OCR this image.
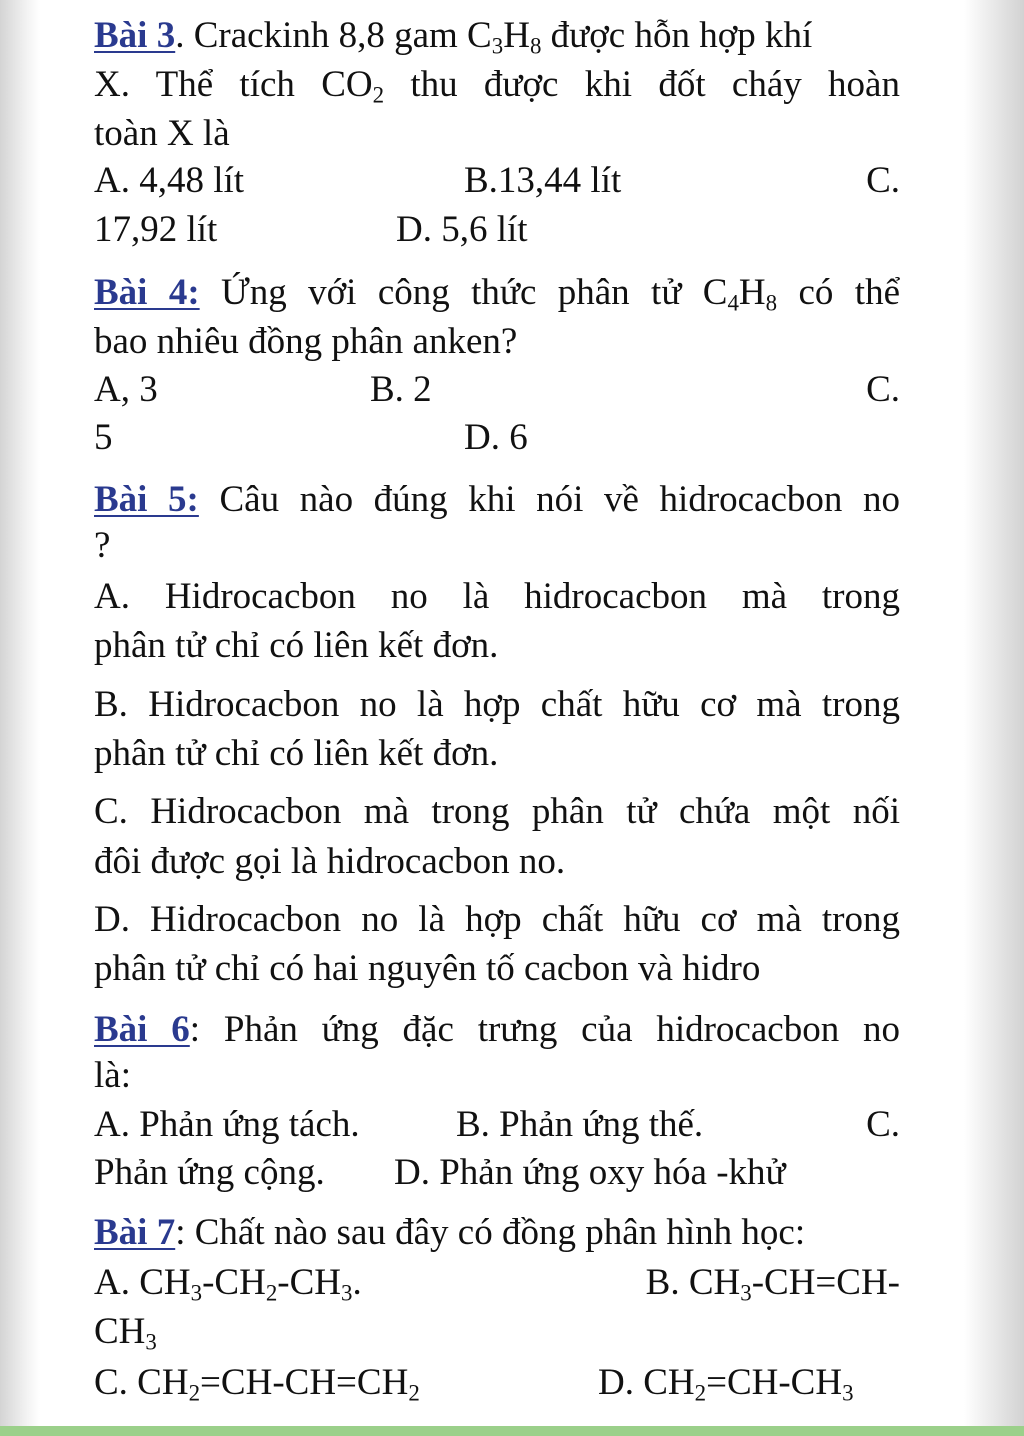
Bài 3. Crackinh 8,8 gam $C_3H_8$ được hỗn hợp khí
X. Thể tích $CO_2$ thu được khi đốt cháy hoàn
toàn X là
A. 4,48 lít	B.13,44 lít	C.
17,92 lít	D. 5,6 lít
Bài 4: Ứng với công thức phân tử $C_4H_8$ có thể
bao nhiêu đồng phân anken?
A, 3	B. 2	C.
5	D. 6
Bài 5: Câu nào đúng khi nói về hidrocacbon no
?
A. Hidrocacbon no là hidrocacbon mà trong
phân tử chỉ có liên kết đơn.
B. Hidrocacbon no là hợp chất hữu cơ mà trong
phân tử chỉ có liên kết đơn.
C. Hidrocacbon mà trong phân tử chứa một nối
đôi được gọi là hidrocacbon no.
D. Hidrocacbon no là hợp chất hữu cơ mà trong
phân tử chỉ có hai nguyên tố cacbon và hidro
Bài 6: Phản ứng đặc trưng của hidrocacbon no
là:
A. Phản ứng tách.	B. Phản ứng thế.	C.
Phản ứng cộng. D. Phản ứng oxy hóa -khử
Bài 7: Chất nào sau đây có đồng phân hình học:
A. $CH_3-CH_2-CH_3$.	B. $CH_3-CH=CH-$
$CH_3$
C. $CH_2=CH-CH=CH_2$	D. $CH_2=CH-CH_3$
